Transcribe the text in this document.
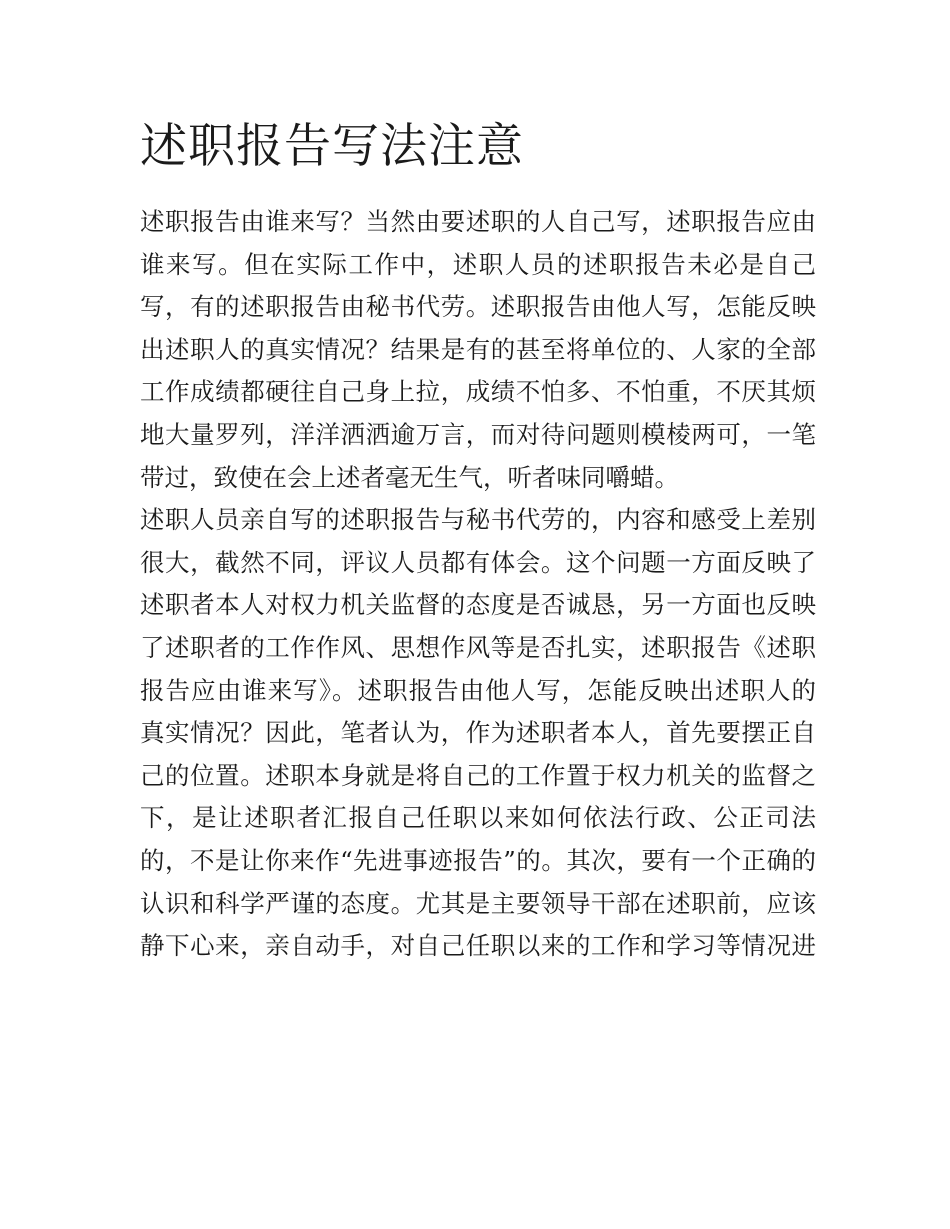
述职报告写法注意
述职报告由谁来写？当然由要述职的人自己写，述职报告应由
谁来写。但在实际工作中，述职人员的述职报告未必是自己
写，有的述职报告由秘书代劳。述职报告由他人写，怎能反映
出述职人的真实情况？结果是有的甚至将单位的、人家的全部
工作成绩都硬往自己身上拉，成绩不怕多、不怕重，不厌其烦
地大量罗列，洋洋洒洒逾万言，而对待问题则模棱两可，一笔
带过，致使在会上述者毫无生气，听者味同嚼蜡。
述职人员亲自写的述职报告与秘书代劳的，内容和感受上差别
很大，截然不同，评议人员都有体会。这个问题一方面反映了
述职者本人对权力机关监督的态度是否诚恳，另一方面也反映
了述职者的工作作风、思想作风等是否扎实，述职报告《述职
报告应由谁来写》。述职报告由他人写，怎能反映出述职人的
真实情况？因此，笔者认为，作为述职者本人，首先要摆正自
己的位置。述职本身就是将自己的工作置于权力机关的监督之
下，是让述职者汇报自己任职以来如何依法行政、公正司法
的，不是让你来作“先进事迹报告”的。其次，要有一个正确的
认识和科学严谨的态度。尤其是主要领导干部在述职前，应该
静下心来，亲自动手，对自己任职以来的工作和学习等情况进
